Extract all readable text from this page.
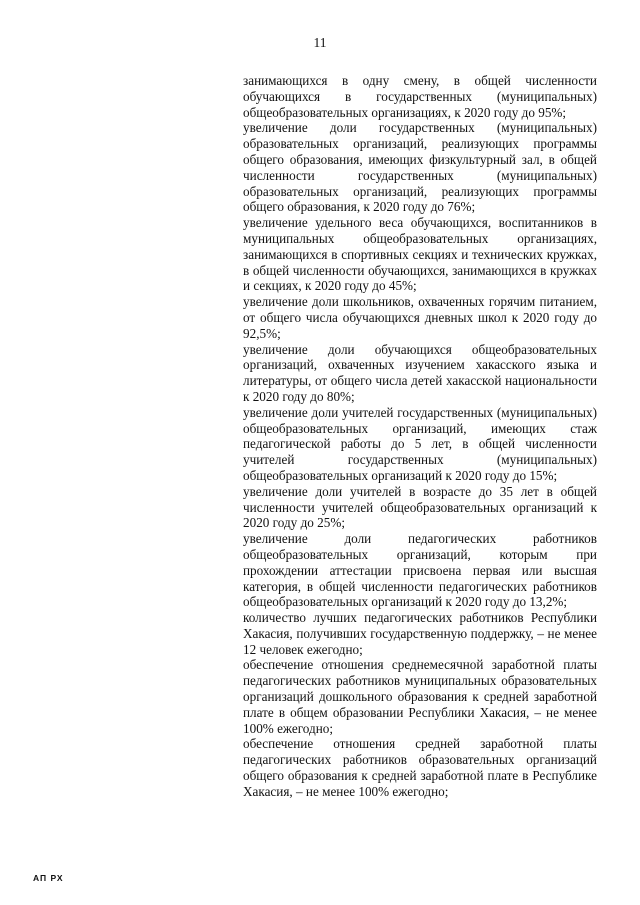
11

занимающихся в одну смену, в общей численности обучающихся в государственных (муниципальных) общеобразовательных организациях, к 2020 году до 95%;

увеличение доли государственных (муниципальных) образовательных организаций, реализующих программы общего образования, имеющих физкультурный зал, в общей численности государственных (муниципальных) образовательных организаций, реализующих программы общего образования, к 2020 году до 76%;

увеличение удельного веса обучающихся, воспитанников в муниципальных общеобразовательных организациях, занимающихся в спортивных секциях и технических кружках, в общей численности обучающихся, занимающихся в кружках и секциях, к 2020 году до 45%;

увеличение доли школьников, охваченных горячим питанием, от общего числа обучающихся дневных школ к 2020 году до 92,5%;

увеличение доли обучающихся общеобразовательных организаций, охваченных изучением хакасского языка и литературы, от общего числа детей хакасской национальности к 2020 году до 80%;

увеличение доли учителей государственных (муниципальных) общеобразовательных организаций, имеющих стаж педагогической работы до 5 лет, в общей численности учителей государственных (муниципальных) общеобразовательных организаций к 2020 году до 15%;

увеличение доли учителей в возрасте до 35 лет в общей численности учителей общеобразовательных организаций к 2020 году до 25%;

увеличение доли педагогических работников общеобразовательных организаций, которым при прохождении аттестации присвоена первая или высшая категория, в общей численности педагогических работников общеобразовательных организаций к 2020 году до 13,2%;

количество лучших педагогических работников Республики Хакасия, получивших государственную поддержку, – не менее 12 человек ежегодно;

обеспечение отношения среднемесячной заработной платы педагогических работников муниципальных образовательных организаций дошкольного образования к средней заработной плате в общем образовании Республики Хакасия, – не менее 100% ежегодно;

обеспечение отношения средней заработной платы педагогических работников образовательных организаций общего образования к средней заработной плате в Республике Хакасия, – не менее 100% ежегодно;

АП РХ
